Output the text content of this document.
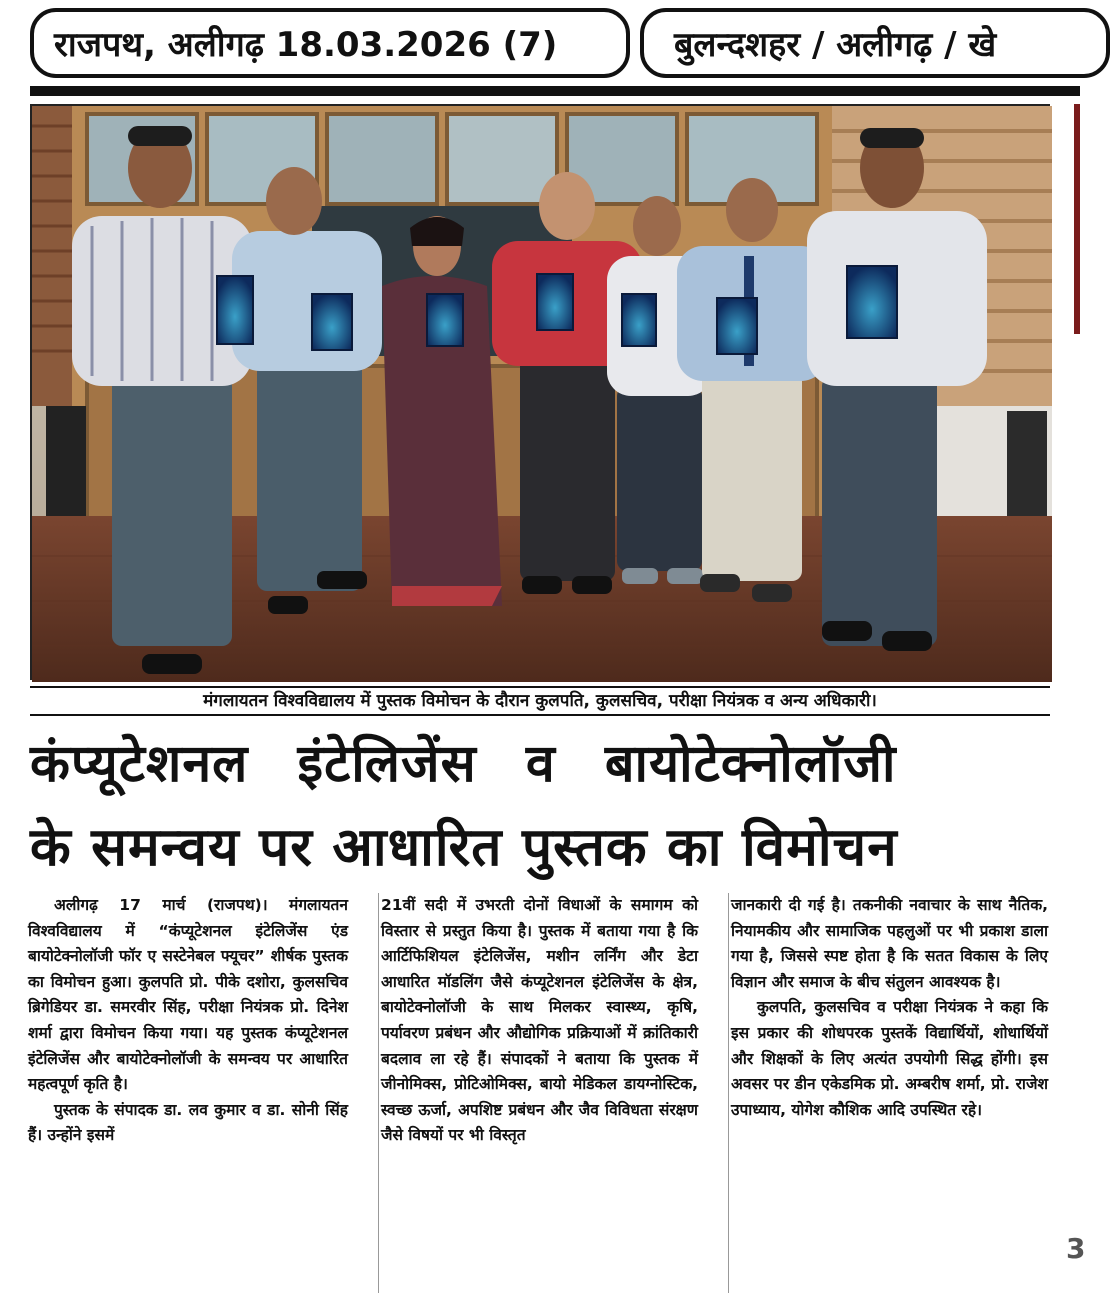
राजपथ, अलीगढ़ 18.03.2026 (7)	बुलन्दशहर / अलीगढ़ / खे
मंगलायतन विश्वविद्यालय में पुस्तक विमोचन के दौरान कुलपति, कुलसचिव, परीक्षा नियंत्रक व अन्य अधिकारी।
कंप्यूटेशनल इंटेलिजेंस व बायोटेक्नोलॉजी
के समन्वय पर आधारित पुस्तक का विमोचन

अलीगढ़ 17 मार्च (राजपथ)। मंगलायतन विश्वविद्यालय में “कंप्यूटेशनल इंटेलिजेंस एंड बायोटेक्नोलॉजी फॉर ए सस्टेनेबल फ्यूचर” शीर्षक पुस्तक का विमोचन हुआ। कुलपति प्रो. पीके दशोरा, कुलसचिव ब्रिगेडियर डा. समरवीर सिंह, परीक्षा नियंत्रक प्रो. दिनेश शर्मा द्वारा विमोचन किया गया। यह पुस्तक कंप्यूटेशनल इंटेलिजेंस और बायोटेक्नोलॉजी के समन्वय पर आधारित महत्वपूर्ण कृति है।

पुस्तक के संपादक डा. लव कुमार व डा. सोनी सिंह हैं। उन्होंने इसमें

21वीं सदी में उभरती दोनों विधाओं के समागम को विस्तार से प्रस्तुत किया है। पुस्तक में बताया गया है कि आर्टिफिशियल इंटेलिजेंस, मशीन लर्निंग और डेटा आधारित मॉडलिंग जैसे कंप्यूटेशनल इंटेलिजेंस के क्षेत्र, बायोटेक्नोलॉजी के साथ मिलकर स्वास्थ्य, कृषि, पर्यावरण प्रबंधन और औद्योगिक प्रक्रियाओं में क्रांतिकारी बदलाव ला रहे हैं। संपादकों ने बताया कि पुस्तक में जीनोमिक्स, प्रोटिओमिक्स, बायो मेडिकल डायग्नोस्टिक, स्वच्छ ऊर्जा, अपशिष्ट प्रबंधन और जैव विविधता संरक्षण जैसे विषयों पर भी विस्तृत

जानकारी दी गई है। तकनीकी नवाचार के साथ नैतिक, नियामकीय और सामाजिक पहलुओं पर भी प्रकाश डाला गया है, जिससे स्पष्ट होता है कि सतत विकास के लिए विज्ञान और समाज के बीच संतुलन आवश्यक है।

कुलपति, कुलसचिव व परीक्षा नियंत्रक ने कहा कि इस प्रकार की शोधपरक पुस्तकें विद्यार्थियों, शोधार्थियों और शिक्षकों के लिए अत्यंत उपयोगी सिद्ध होंगी। इस अवसर पर डीन एकेडमिक प्रो. अम्बरीष शर्मा, प्रो. राजेश उपाध्याय, योगेश कौशिक आदि उपस्थित रहे।

3
